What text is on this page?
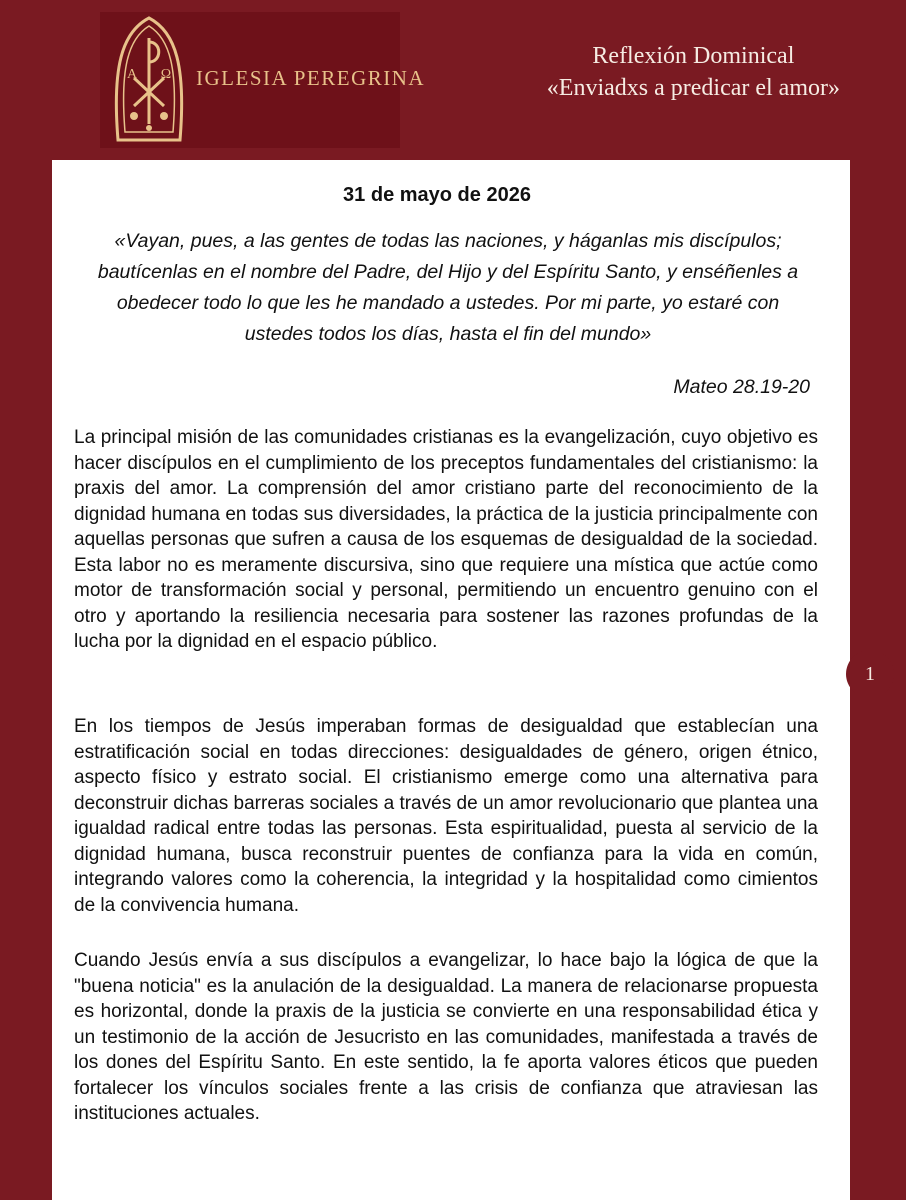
A Ω IGLESIA PEREGRINA
Reflexión Dominical
«Enviadxs a predicar el amor»
31 de mayo de 2026
«Vayan, pues, a las gentes de todas las naciones, y háganlas mis discípulos; bautícenlas en el nombre del Padre, del Hijo y del Espíritu Santo, y enséñenles a obedecer todo lo que les he mandado a ustedes. Por mi parte, yo estaré con ustedes todos los días, hasta el fin del mundo»
Mateo 28.19-20

La principal misión de las comunidades cristianas es la evangelización, cuyo objetivo es hacer discípulos en el cumplimiento de los preceptos fundamentales del cristianismo: la praxis del amor. La comprensión del amor cristiano parte del reconocimiento de la dignidad humana en todas sus diversidades, la práctica de la justicia principalmente con aquellas personas que sufren a causa de los esquemas de desigualdad de la sociedad. Esta labor no es meramente discursiva, sino que requiere una mística que actúe como motor de transformación social y personal, permitiendo un encuentro genuino con el otro y aportando la resiliencia necesaria para sostener las razones profundas de la lucha por la dignidad en el espacio público.

En los tiempos de Jesús imperaban formas de desigualdad que establecían una estratificación social en todas direcciones: desigualdades de género, origen étnico, aspecto físico y estrato social. El cristianismo emerge como una alternativa para deconstruir dichas barreras sociales a través de un amor revolucionario que plantea una igualdad radical entre todas las personas. Esta espiritualidad, puesta al servicio de la dignidad humana, busca reconstruir puentes de confianza para la vida en común, integrando valores como la coherencia, la integridad y la hospitalidad como cimientos de la convivencia humana.

Cuando Jesús envía a sus discípulos a evangelizar, lo hace bajo la lógica de que la "buena noticia" es la anulación de la desigualdad. La manera de relacionarse propuesta es horizontal, donde la praxis de la justicia se convierte en una responsabilidad ética y un testimonio de la acción de Jesucristo en las comunidades, manifestada a través de los dones del Espíritu Santo. En este sentido, la fe aporta valores éticos que pueden fortalecer los vínculos sociales frente a las crisis de confianza que atraviesan las instituciones actuales.

1
